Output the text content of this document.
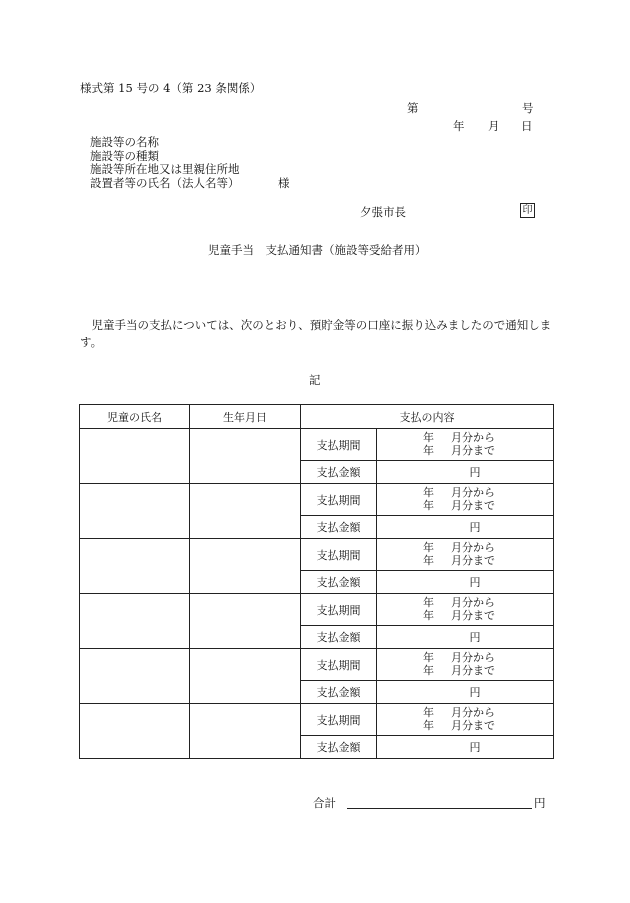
様式第 15 号の 4（第 23 条関係）
第	号
年 月 日
施設等の名称
施設等の種類
施設等所在地又は里親住所地
設置者等の氏名（法人名等）	様
夕張市長	印
児童手当　支払通知書（施設等受給者用）
　児童手当の支払については、次のとおり、預貯金等の口座に振り込みましたので通知します。
記
児童の氏名	生年月日	支払の内容	
		支払期間	年 月分から
年 月分まで

		支払金額	円
		支払期間	年 月分から
年 月分まで

		支払金額	円
		支払期間	年 月分から
年 月分まで

		支払金額	円
		支払期間	年 月分から
年 月分まで

		支払金額	円
		支払期間	年 月分から
年 月分まで

		支払金額	円
		支払期間	年 月分から
年 月分まで

		支払金額	円
合計	円
